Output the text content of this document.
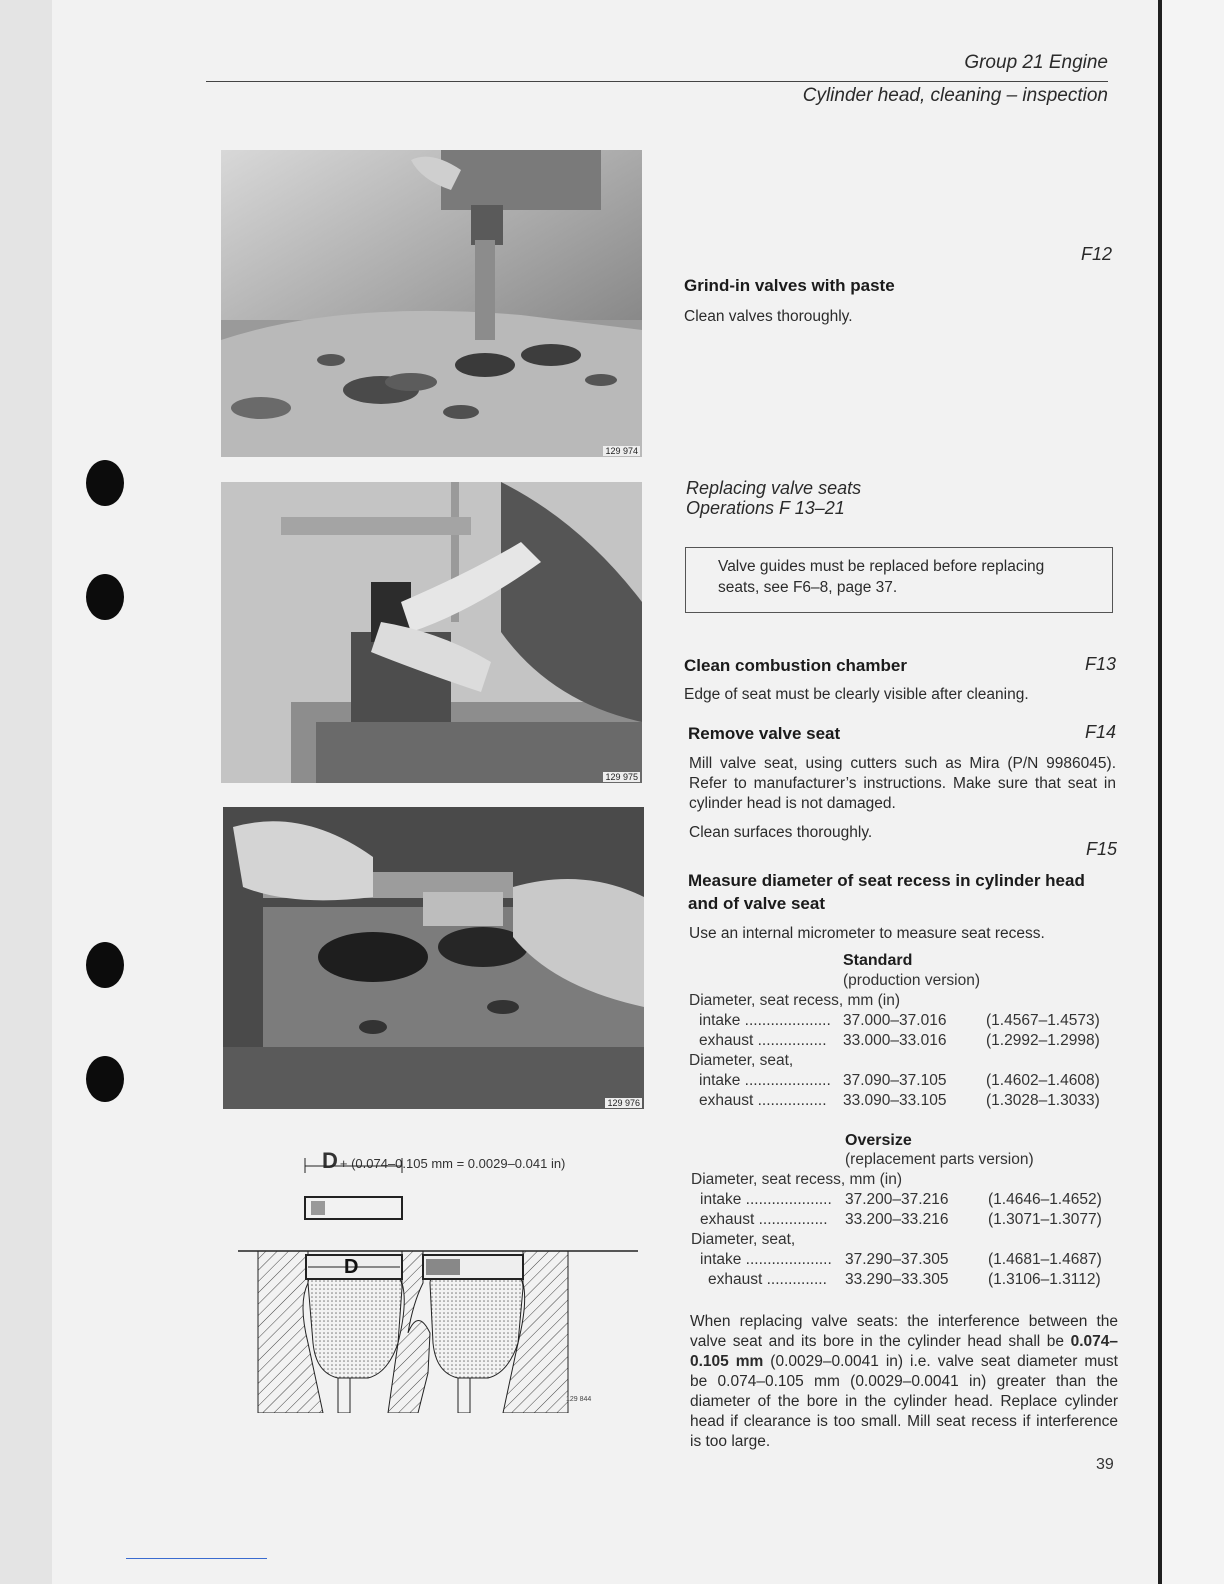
Group 21 Engine
Cylinder head, cleaning – inspection
129 974
129 975
129 976
F12
Grind-in valves with paste
Clean valves thoroughly.
Replacing valve seats
Operations F 13–21
Valve guides must be replaced before replacing seats, see F6–8, page 37.
Clean combustion chamber	F13
Edge of seat must be clearly visible after cleaning.
Remove valve seat	F14
Mill valve seat, using cutters such as Mira (P/N 9986045). Refer to manufacturer’s instructions. Make sure that seat in cylinder head is not damaged.
Clean surfaces thoroughly.
F15
Measure diameter of seat recess in cylinder head
and of valve seat
Use an internal micrometer to measure seat recess.
Standard
(production version)
Diameter, seat recess, mm (in)
intake .................... 37.000–37.016	(1.4567–1.4573)
exhaust ................ 33.000–33.016	(1.2992–1.2998)
Diameter, seat,
intake .................... 37.090–37.105	(1.4602–1.4608)
exhaust ................ 33.090–33.105	(1.3028–1.3033)
Oversize
(replacement parts version)
Diameter, seat recess, mm (in)
intake .................... 37.200–37.216	(1.4646–1.4652)
exhaust ................ 33.200–33.216	(1.3071–1.3077)
Diameter, seat,
intake .................... 37.290–37.305	(1.4681–1.4687)
exhaust .............. 33.290–33.305	(1.3106–1.3112)
When replacing valve seats: the interference between the valve seat and its bore in the cylinder head shall be 0.074–0.105 mm (0.0029–0.0041 in) i.e. valve seat diameter must be 0.074–0.105 mm (0.0029–0.0041 in) greater than the diameter of the bore in the cylinder head. Replace cylinder head if clearance is too small. Mill seat recess if interference is too large.
D + (0.074–0.105 mm = 0.0029–0.041 in)
D
129 844
39
